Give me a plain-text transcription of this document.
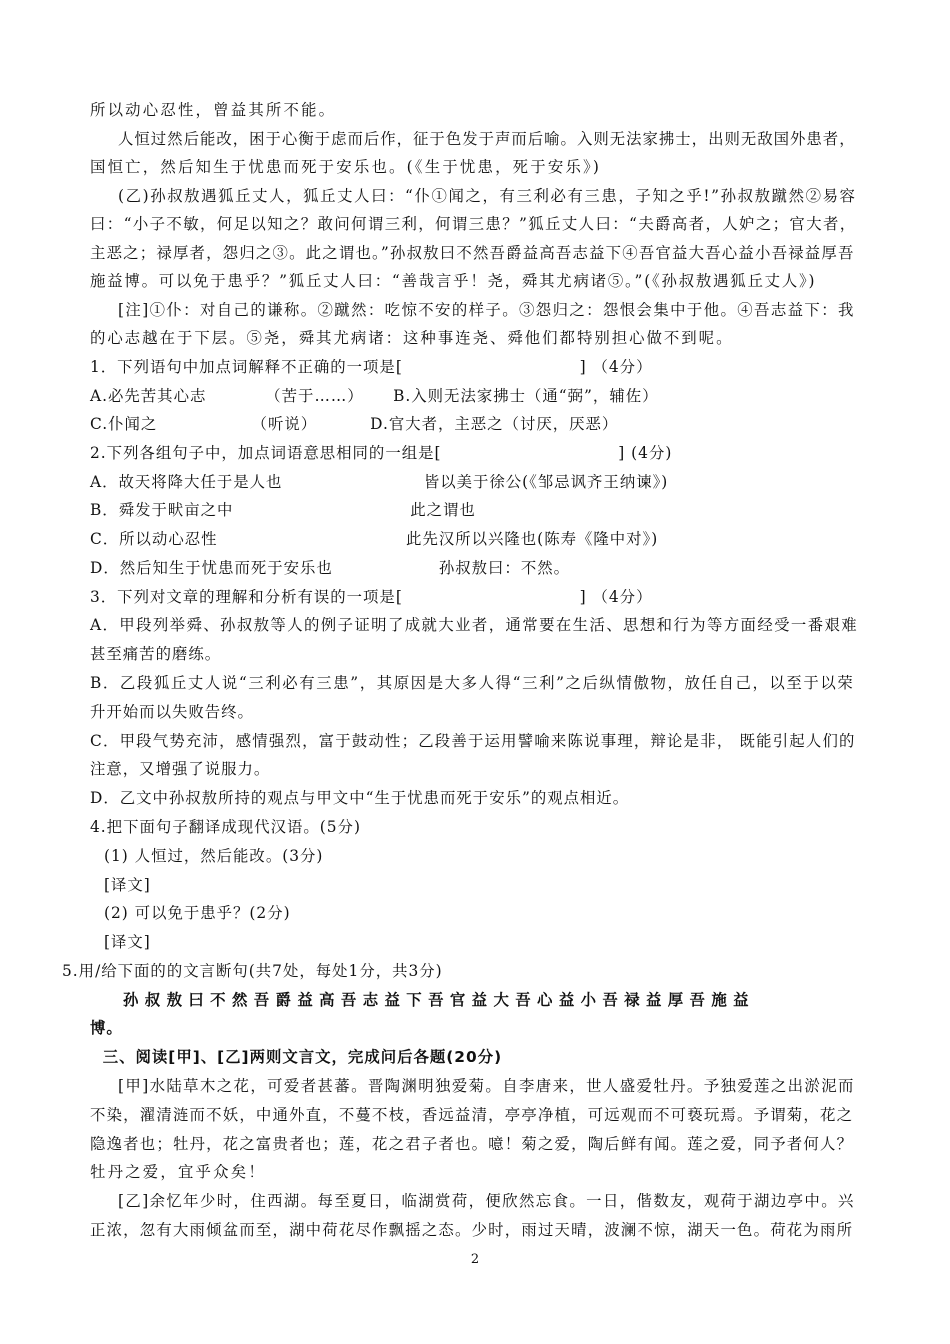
所以动心忍性，曾益其所不能。
人恒过然后能改，困于心衡于虑而后作，征于色发于声而后喻。入则无法家拂士，出则无敌国外患者，
国恒亡，然后知生于忧患而死于安乐也。(《生于忧患，死于安乐》)
(乙)孙叔敖遇狐丘丈人，狐丘丈人曰：“仆①闻之，有三利必有三患，子知之乎!”孙叔敖蹴然②易容
曰：“小子不敏，何足以知之？敢问何谓三利，何谓三患？”狐丘丈人曰：“夫爵高者，人妒之；官大者，
主恶之；禄厚者，怨归之③。此之谓也。”孙叔敖曰不然吾爵益高吾志益下④吾官益大吾心益小吾禄益厚吾
施益博。可以免于患乎？”狐丘丈人曰：“善哉言乎！尧，舜其尤病诸⑤。”(《孙叔敖遇狐丘丈人》)
[注]①仆：对自己的谦称。②蹴然：吃惊不安的样子。③怨归之：怨恨会集中于他。④吾志益下：我
的心志越在于下层。⑤尧，舜其尤病诸：这种事连尧、舜他们都特别担心做不到呢。
1．下列语句中加点词解释不正确的一项是[                              ] （4分）
A.必先苦其心志          （苦于……）     B.入则无法家拂士（通“弼”，辅佐）
C.仆闻之                （听说）         D.官大者，主恶之（讨厌，厌恶）
2.下列各组句子中，加点词语意思相同的一组是[                              ] (4分)
A．故天将降大任于是人也                        皆以美于徐公(《邹忌讽齐王纳谏》)
B．舜发于畎亩之中                              此之谓也
C．所以动心忍性                                此先汉所以兴隆也(陈寿《隆中对》)
D．然后知生于忧患而死于安乐也                  孙叔敖曰：不然。
3．下列对文章的理解和分析有误的一项是[                              ] （4分）
A．甲段列举舜、孙叔敖等人的例子证明了成就大业者，通常要在生活、思想和行为等方面经受一番艰难
甚至痛苦的磨练。
B．乙段狐丘丈人说“三利必有三患”，其原因是大多人得“三利”之后纵情傲物，放任自己，以至于以荣
升开始而以失败告终。
C．甲段气势充沛，感情强烈，富于鼓动性；乙段善于运用譬喻来陈说事理，辩论是非， 既能引起人们的
注意，又增强了说服力。
D．乙文中孙叔敖所持的观点与甲文中“生于忧患而死于安乐”的观点相近。
4.把下面句子翻译成现代汉语。(5分)
(1) 人恒过，然后能改。(3分)
[译文]
(2) 可以免于患乎？(2分)
[译文]
5.用/给下面的的文言断句(共7处，每处1分，共3分)
孙叔敖曰不然吾爵益高吾志益下吾官益大吾心益小吾禄益厚吾施益
博。
三、阅读[甲]、[乙]两则文言文，完成问后各题(20分)
[甲]水陆草木之花，可爱者甚蕃。晋陶渊明独爱菊。自李唐来，世人盛爱牡丹。予独爱莲之出淤泥而
不染，濯清涟而不妖，中通外直，不蔓不枝，香远益清，亭亭净植，可远观而不可亵玩焉。予谓菊，花之
隐逸者也；牡丹，花之富贵者也；莲，花之君子者也。噫！菊之爱，陶后鲜有闻。莲之爱，同予者何人？
牡丹之爱，宜乎众矣！
[乙]余忆年少时，住西湖。每至夏日，临湖赏荷，便欣然忘食。一日，偕数友，观荷于湖边亭中。兴
正浓，忽有大雨倾盆而至，湖中荷花尽作飘摇之态。少时，雨过天晴，波澜不惊，湖天一色。荷花为雨所
2
